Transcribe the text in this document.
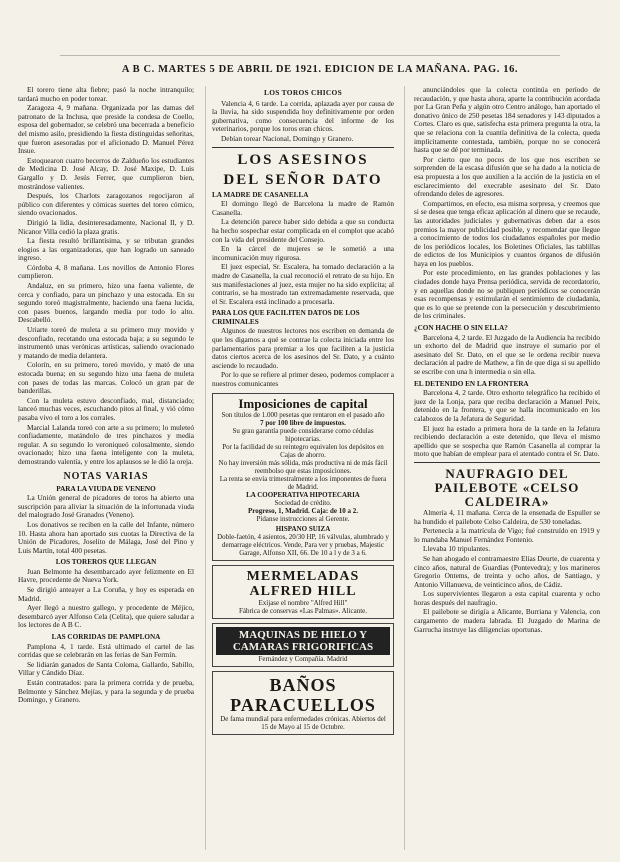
A B C. MARTES 5 DE ABRIL DE 1921. EDICION DE LA MAÑANA. PAG. 16.

El torero tiene alta fiebre; pasó la noche intranquilo; tardará mucho en poder torear.

Zaragoza 4, 9 mañana. Organizada por las damas del patronato de la Inclusa, que preside la condesa de Coello, esposa del gobernador, se celebró una becerrada a beneficio del mismo asilo, presidiendo la fiesta distinguidas señoritas, que fueron asesoradas por el aficionado D. Manuel Pérez Insue.

Estoquearon cuatro becerros de Zaldueño los estudiantes de Medicina D. José Alcay, D. José Maxipe, D. Luis Gargallo y D. Jesús Ferrer, que cumplieron bien, mostrándose valientes.

Después, los Charlots zaragozanos regocijaron al público con diferentes y cómicas suertes del toreo cómico, siendo ovacionados.

Dirigió la lidia, desinteresadamente, Nacional II, y D. Nicanor Villa cedió la plaza gratis.

La fiesta resultó brillantísima, y se tributan grandes elogios a las organizadoras, que han logrado un saneado ingreso.

Córdoba 4, 8 mañana. Los novillos de Antonio Flores cumplieron.

Andaluz, en su primero, hizo una faena valiente, de cerca y confiado, para un pinchazo y una estocada. En su segundo toreó magistralmente, haciendo una faena lucida, con pases buenos, largando media por todo lo alto. Descabelló.

Uriarte toreó de muleta a su primero muy movido y desconfiado, recetando una estocada baja; a su segundo le instrumentó unas verónicas artísticas, saliendo ovacionado y matando de media delantera.

Colorín, en su primero, toreó movido, y mató de una estocada buena; en su segundo hizo una faena de muleta con pases de todas las marcas. Colocó un gran par de banderillas.

Con la muleta estuvo desconfiado, mal, distanciado; lanceó muchas veces, escuchando pitos al final, y vió cómo pasaba vivo el toro a los corrales.

Marcial Lalanda toreó con arte a su primero; lo muleteó confiadamente, matándolo de tres pinchazos y media regular. A su segundo lo veroniqueó colosalmente, siendo ovacionado; hizo una faena inteligente con la muleta, demostrando valentía, y entre los aplausos se le dió la oreja.

NOTAS VARIAS
PARA LA VIUDA DE VENENO

La Unión general de picadores de toros ha abierto una suscripción para aliviar la situación de la infortunada viuda del malogrado José Granados (Veneno).

Los donativos se reciben en la calle del Infante, número 10. Hasta ahora han aportado sus cuotas la Directiva de la Unión de Picadores, Joselito de Málaga, José del Pino y Luis Martín, total 400 pesetas.

LOS TOREROS QUE LLEGAN

Juan Belmonte ha desembarcado ayer felizmente en El Havre, procedente de Nueva York.

Se dirigió anteayer a La Coruña, y hoy es esperada en Madrid.

Ayer llegó a nuestro gallego, y procedente de Méjico, desembarcó ayer Alfonso Cela (Celita), que quiere saludar a los lectores de A B C.

LAS CORRIDAS DE PAMPLONA

Pamplona 4, 1 tarde. Está ultimado el cartel de las corridas que se celebrarán en las ferias de San Fermín.

Se lidiarán ganados de Santa Coloma, Gallardo, Sabillo, Villar y Cándido Díaz.

Están contratados: para la primera corrida y de prueba, Belmonte y Sánchez Mejías, y para la segunda y de prueba Domingo, y Granero.

LOS TOROS CHICOS

Valencia 4, 6 tarde. La corrida, aplazada ayer por causa de la lluvia, ha sido suspendida hoy definitivamente por orden gubernativa, como consecuencia del informe de los veterinarios, porque los toros eran chicos.

Debían torear Nacional, Domingo y Granero.

LOS ASESINOS
DEL SEÑOR DATO
LA MADRE DE CASANELLA

El domingo llegó de Barcelona la madre de Ramón Casanella.

La detención parece haber sido debida a que su conducta ha hecho sospechar estar complicada en el complot que acabó con la vida del presidente del Consejo.

En la cárcel de mujeres se le sometió a una incomunicación muy rigurosa.

El juez especial, Sr. Escalera, ha tomado declaración a la madre de Casanella, la cual reconoció el retrato de su hijo. En sus manifestaciones al juez, esta mujer no ha sido explícita; al contrario, se ha mostrado tan extremadamente reservada, que el Sr. Escalera está inclinado a procesarla.

PARA LOS QUE FACILITEN DATOS DE LOS CRIMINALES

Algunos de nuestros lectores nos escriben en demanda de que les digamos a qué se contrae la colecta iniciada entre los parlamentarios para premiar a los que faciliten a la justicia datos ciertos acerca de los asesinos del Sr. Dato, y a cuánto asciende lo recaudado.

Por lo que se refiere al primer deseo, podemos complacer a nuestros comunicantes

Imposiciones de capital
Son títulos de 1.000 pesetas que rentaron en el pasado año
7 por 100 libre de impuestos.
Su grau garantía puede considerarse como cédulas hipotecarias.
Por la facilidad de su reintegro equivalen los depósitos en Cajas de ahorro.
No hay inversión más sólida, más productiva ni de más fácil reembolso que estas imposiciones.
La renta se envía trimestralmente a los imponentes de fuera de Madrid.
LA COOPERATIVA HIPOTECARIA
Sociedad de crédito.
Progreso, 1, Madrid. Caja: de 10 a 2.
Pídanse instrucciones al Gerente.
HISPANO SUIZA
Doble-faetón, 4 asientos, 20/30 HP, 16 válvulas, alumbrado y demarrage eléctricos. Vende, Para ver y pruebas, Majestic Garage, Alfonso XII, 66. De 10 a l y de 3 a 6.
MERMELADAS
ALFRED HILL
Exíjase el nombre "Alfred Hill"
Fábrica de conservas «Las Palmas». Alicante.
MAQUINAS DE HIELO Y CAMARAS FRIGORIFICAS
Fernández y Compañía. Madrid
BAÑOS PARACUELLOS
De fama mundial para enfermedades crónicas. Abiertos del 15 de Mayo al 15 de Octubre.

anunciándoles que la colecta continúa en período de recaudación, y que hasta ahora, aparte la contribución acordada por La Gran Peña y algún otro Centro análogo, han aportado el donativo único de 250 pesetas 184 senadores y 143 diputados a Cortes. Claro es que, satisfecha esta primera pregunta la otra, la que se relaciona con la cuantía definitiva de la colecta, queda implícitamente contestada, también, porque no se conocerá hasta que se dé por terminada.

Por cierto que no pocos de los que nos escriben se sorprenden de la escasa difusión que se ha dado a la noticia de esa propuesta a los que auxilien a la acción de la justicia en el esclarecimiento del execrable asesinato del Sr. Dato ofrendando deles de agresores.

Compartimos, en efecto, esa misma sorpresa, y creemos que si se desea que tenga eficaz aplicación al dinero que se recaude, las autoridades judiciales y gubernativas deben dar a esos premios la mayor publicidad posible, y recomendar que llegue a conocimiento de todos los ciudadanos españoles por medio de los periódicos locales, los Boletines Oficiales, las tablillas de edictos de los Municipios y cuantos órganos de difusión haya en los pueblos.

Por este procedimiento, en las grandes poblaciones y las ciudades donde haya Prensa periódica, servida de recordatorio, y en aquellas donde no se publiquen periódicos se conocerán esas recompensas y estimularán el sentimiento de ciudadanía, que es lo que se pretende con la persecución y descubrimiento de los criminales.

¿CON HACHE O SIN ELLA?

Barcelona 4, 2 tarde. El Juzgado de la Audiencia ha recibido un exhorto del de Madrid que instruye el sumario por el asesinato del Sr. Dato, en el que se le ordena recibir nueva declaración al padre de Mathew, a fin de que diga si su apellido se escribe con una h intermedia o sin ella.

EL DETENIDO EN LA FRONTERA

Barcelona 4, 2 tarde. Otro exhorto telegráfico ha recibido el juez de la Lonja, para que reciba declaración a Manuel Peix, detenido en la frontera, y que se halla incomunicado en los calabozos de la Jefatura de Seguridad.

El juez ha estado a primera hora de la tarde en la Jefatura recibiendo declaración a este detenido, que lleva el mismo apellido que se sospecha que Ramón Casanella al comprar la moto que habían de emplear para el atentado contra el Sr. Dato.

NAUFRAGIO DEL
PAILEBOTE «CELSO
CALDEIRA»

Almería 4, 11 mañana. Cerca de la ensenada de Espuller se ha hundido el pailebote Celso Caldeira, de 530 toneladas.

Pertenecía a la matrícula de Vigo; fué construído en 1919 y lo mandaba Manuel Fernández Fontenio.

Llevaba 10 tripulantes.

Se han ahogado el contramaestre Elías Deurte, de cuarenta y cinco años, natural de Guardias (Pontevedra); y los marineros Gregorio Ontems, de treinta y ocho años, de Santiago, y Antonio Villanueva, de veinticinco años, de Cádiz.

Los supervivientes llegaron a esta capital cuarenta y ocho horas después del naufragio.

El pailebote se dirigía a Alicante, Burriana y Valencia, con cargamento de madera labrada. El Juzgado de Marina de Garrucha instruye las diligencias oportunas.
